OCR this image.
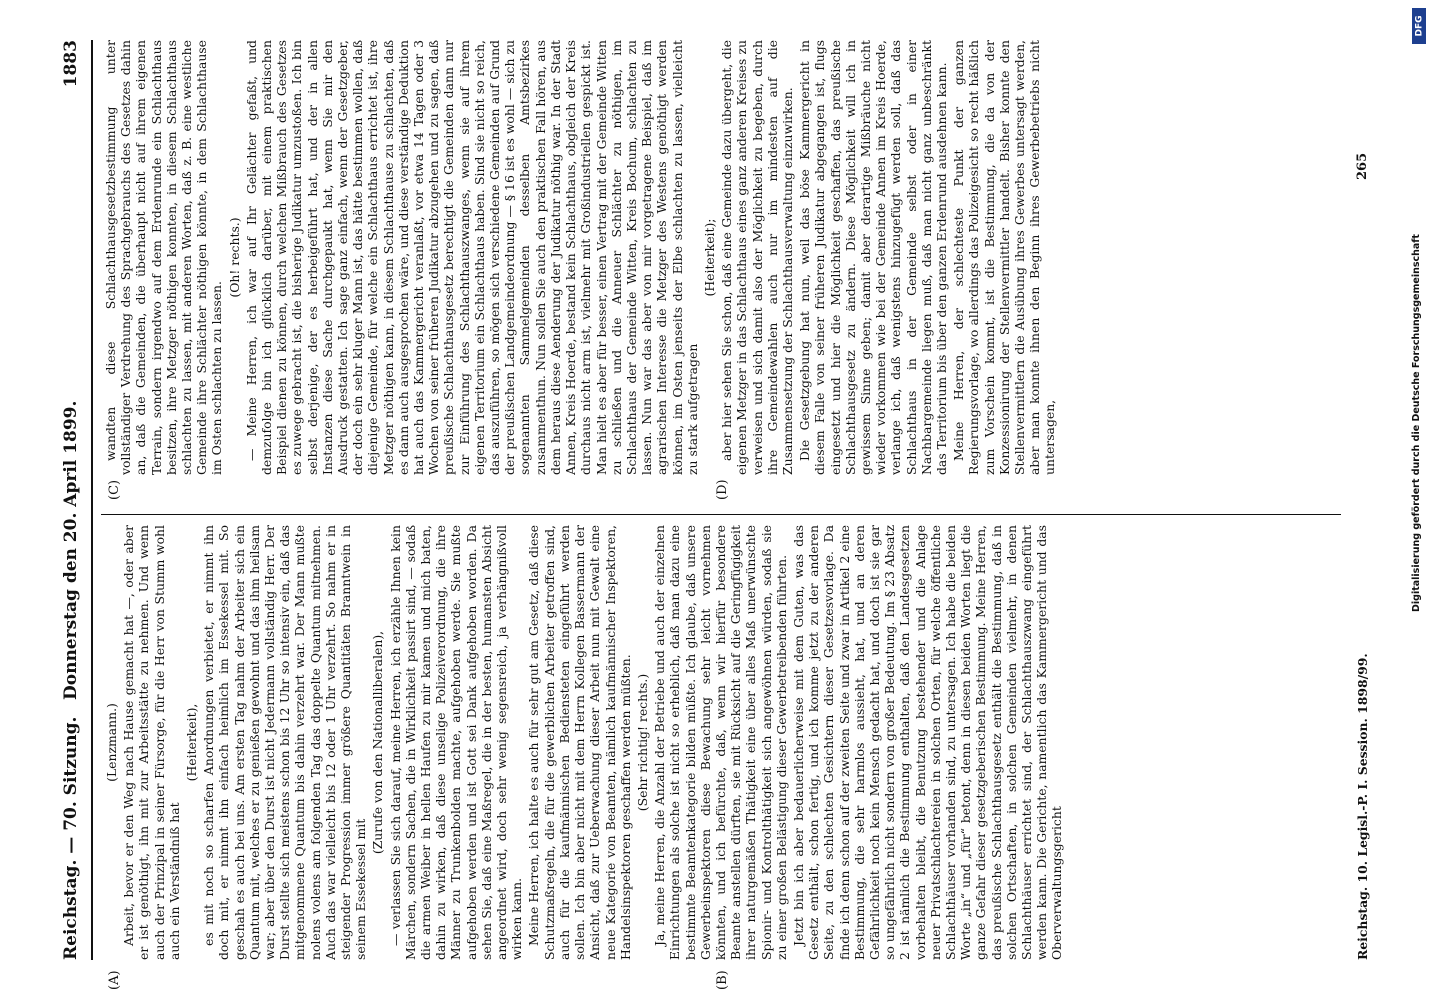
Reichstag. — 70. Sitzung.
Donnerstag den 20. April 1899.
1883
(A)	(B)
(C)	(D)

(Lenzmann.) Arbeit, bevor er den Weg nach Hause gemacht hat —, oder aber er ist genöthigt, ihn mit zur Arbeitsstätte zu nehmen. Und wenn auch der Prinzipal in seiner Fürsorge, für die Herr von Stumm wohl auch ein Verständniß hat

(Heiterkeit), es mit noch so scharfen Anordnungen verbietet, er nimmt ihn doch mit, er nimmt ihn einfach heimlich im Essekessel mit. So geschah es auch bei uns. Am ersten Tag nahm der Arbeiter sich ein Quantum mit, welches er zu genießen gewohnt und das ihm heilsam war; aber über den Durst ist nicht Jedermann vollständig Herr. Der Durst stellte sich meistens schon bis 12 Uhr so intensiv ein, daß das mitgenommene Quantum bis dahin verzehrt war. Der Mann mußte nolens volens am folgenden Tag das doppelte Quantum mitnehmen. Auch das war vielleicht bis 12 oder 1 Uhr verzehrt. So nahm er in steigender Progression immer größere Quantitäten Branntwein in seinem Essekessel mit

(Zurufe von den Nationalliberalen), — verlassen Sie sich darauf, meine Herren, ich erzähle Ihnen kein Märchen, sondern Sachen, die in Wirklichkeit passirt sind, — sodaß die armen Weiber in hellen Haufen zu mir kamen und mich baten, dahin zu wirken, daß diese unselige Polizeiverordnung, die ihre Männer zu Trunkenbolden machte, aufgehoben werde. Sie mußte aufgehoben werden und ist Gott sei Dank aufgehoben worden. Da sehen Sie, daß eine Maßregel, die in der besten, humansten Absicht angeordnet wird, doch sehr wenig segensreich, ja verhängnißvoll wirken kann. Meine Herren, ich halte es auch für sehr gut am Gesetz, daß diese Schutzmaßregeln, die für die gewerblichen Arbeiter getroffen sind, auch für die kaufmännischen Bediensteten eingeführt werden sollen. Ich bin aber nicht mit dem Herrn Kollegen Bassermann der Ansicht, daß zur Ueberwachung dieser Arbeit nun mit Gewalt eine neue Kategorie von Beamten, nämlich kaufmännischer Inspektoren, Handelsinspektoren geschaffen werden müßten. (Sehr richtig! rechts.) Ja, meine Herren, die Anzahl der Betriebe und auch der einzelnen Einrichtungen als solche ist nicht so erheblich, daß man dazu eine bestimmte Beamtenkategorie bilden müßte. Ich glaube, daß unsere Gewerbeinspektoren diese Bewachung sehr leicht vornehmen könnten, und ich befürchte, daß, wenn wir hierfür besondere Beamte anstellen dürften, sie mit Rücksicht auf die Geringfügigkeit ihrer naturgemäßen Thätigkeit eine über alles Maß unerwünschte Spionir- und Kontrolthätigkeit sich angewöhnen würden, sodaß sie zu einer großen Belästigung dieser Gewerbetreibenden führten. Jetzt bin ich aber bedauerlicherweise mit dem Guten, was das Gesetz enthält, schon fertig, und ich komme jetzt zu der anderen Seite, zu den schlechten Gesichtern dieser Gesetzesvorlage. Da finde ich denn schon auf der zweiten Seite und zwar in Artikel 2 eine Bestimmung, die sehr harmlos aussieht, hat, und an deren Gefährlichkeit noch kein Mensch gedacht hat, und doch ist sie gar so ungefährlich nicht sondern von großer Bedeutung. Im § 23 Absatz 2 ist nämlich die Bestimmung enthalten, daß den Landesgesetzen vorbehalten bleibt, die Benutzung bestehender und die Anlage neuer Privatschlachtereien in solchen Orten, für welche öffentliche Schlachthäuser vorhanden sind, zu untersagen. Ich habe die beiden Worte „in“ und „für“ betont, denn in diesen beiden Worten liegt die ganze Gefahr dieser gesetzgeberischen Bestimmung. Meine Herren, das preußische Schlachthausgesetz enthält die Bestimmung, daß in solchen Ortschaften, in solchen Gemeinden vielmehr, in denen Schlachthäuser errichtet sind, der Schlachthauszwang eingeführt werden kann. Die Gerichte, namentlich das Kammergericht und das Oberverwaltungsgericht

wandten diese Schlachthausgesetzbestimmung unter vollständiger Verdrehung des Sprachgebrauchs des Gesetzes dahin an, daß die Gemeinden, die überhaupt nicht auf ihrem eigenen Terrain, sondern irgendwo auf dem Erdenrunde ein Schlachthaus besitzen, ihre Metzger nöthigen konnten, in diesem Schlachthaus schlachten zu lassen, mit anderen Worten, daß z. B. eine westliche Gemeinde ihre Schlächter nöthigen könnte, in dem Schlachthause im Osten schlachten zu lassen.

(Oh! rechts.) — Meine Herren, ich war auf Ihr Gelächter gefaßt, und demzufolge bin ich glücklich darüber, mit einem praktischen Beispiel dienen zu können, durch welchen Mißbrauch des Gesetzes es zuwege gebracht ist, die bisherige Judikatur umzustoßen. Ich bin selbst derjenige, der es herbeigeführt hat, und der in allen Instanzen diese Sache durchgepaukt hat, wenn Sie mir den Ausdruck gestatten. Ich sage ganz einfach, wenn der Gesetzgeber, der doch ein sehr kluger Mann ist, das hätte bestimmen wollen, daß diejenige Gemeinde, für welche ein Schlachthaus errichtet ist, ihre Metzger nöthigen kann, in diesem Schlachthause zu schlachten, daß es dann auch ausgesprochen wäre, und diese verständige Deduktion hat auch das Kammergericht veranlaßt, vor etwa 14 Tagen oder 3 Wochen von seiner früheren Judikatur abzugehen und zu sagen, daß preußische Schlachthausgesetz berechtigt die Gemeinden dann nur zur Einführung des Schlachthauszwanges, wenn sie auf ihrem eigenen Territorium ein Schlachthaus haben. Sind sie nicht so reich, das auszuführen, so mögen sich verschiedene Gemeinden auf Grund der preußischen Landgemeindeordnung — § 16 ist es wohl — sich zu sogenannten Sammelgemeinden desselben Amtsbezirkes zusammenthun. Nun sollen Sie auch den praktischen Fall hören, aus dem heraus diese Aenderung der Judikatur nöthig war. In der Stadt Annen, Kreis Hoerde, bestand kein Schlachthaus, obgleich der Kreis durchaus nicht arm ist, vielmehr mit Großindustriellen gespickt ist. Man hielt es aber für besser, einen Vertrag mit der Gemeinde Witten zu schließen und die Anneuer Schlächter zu nöthigen, im Schlachthaus der Gemeinde Witten, Kreis Bochum, schlachten zu lassen. Nun war das aber von mir vorgetragene Beispiel, daß im agrarischen Interesse die Metzger des Westens genöthigt werden können, im Osten jenseits der Elbe schlachten zu lassen, vielleicht zu stark aufgetragen

(Heiterkeit); aber hier sehen Sie schon, daß eine Gemeinde dazu übergeht, die eigenen Metzger in das Schlachthaus eines ganz anderen Kreises zu verweisen und sich damit also der Möglichkeit zu begeben, durch ihre Gemeindewahlen auch nur im mindesten auf die Zusammensetzung der Schlachthausverwaltung einzuwirken. Die Gesetzgebung hat nun, weil das böse Kammergericht in diesem Falle von seiner früheren Judikatur abgegangen ist, flugs eingesetzt und hier die Möglichkeit geschaffen, das preußische Schlachthausgesetz zu ändern. Diese Möglichkeit will ich in gewissem Sinne geben; damit aber derartige Mißbräuche nicht wieder vorkommen wie bei der Gemeinde Annen im Kreis Hoerde, verlange ich, daß wenigstens hinzugefügt werden soll, daß das Schlachthaus in der Gemeinde selbst oder in einer Nachbargemeinde liegen muß, daß man nicht ganz unbeschränkt das Territorium bis über den ganzen Erdenrund ausdehnen kann. Meine Herren, der schlechteste Punkt der ganzen Regierungsvorlage, wo allerdings das Polizeigesicht so recht häßlich zum Vorschein kommt, ist die Bestimmung, die da von der Konzessionirung der Stellenvermittler handelt. Bisher konnte den Stellenvermittlern die Ausübung ihres Gewerbes untersagt werden, aber man konnte ihnen den Beginn ihres Gewerbebetriebs nicht untersagen,

Reichstag. 10. Legisl.-P. I. Session. 1898/99.
265
DFG
Digitalisierung gefördert durch die Deutsche Forschungsgemeinschaft
